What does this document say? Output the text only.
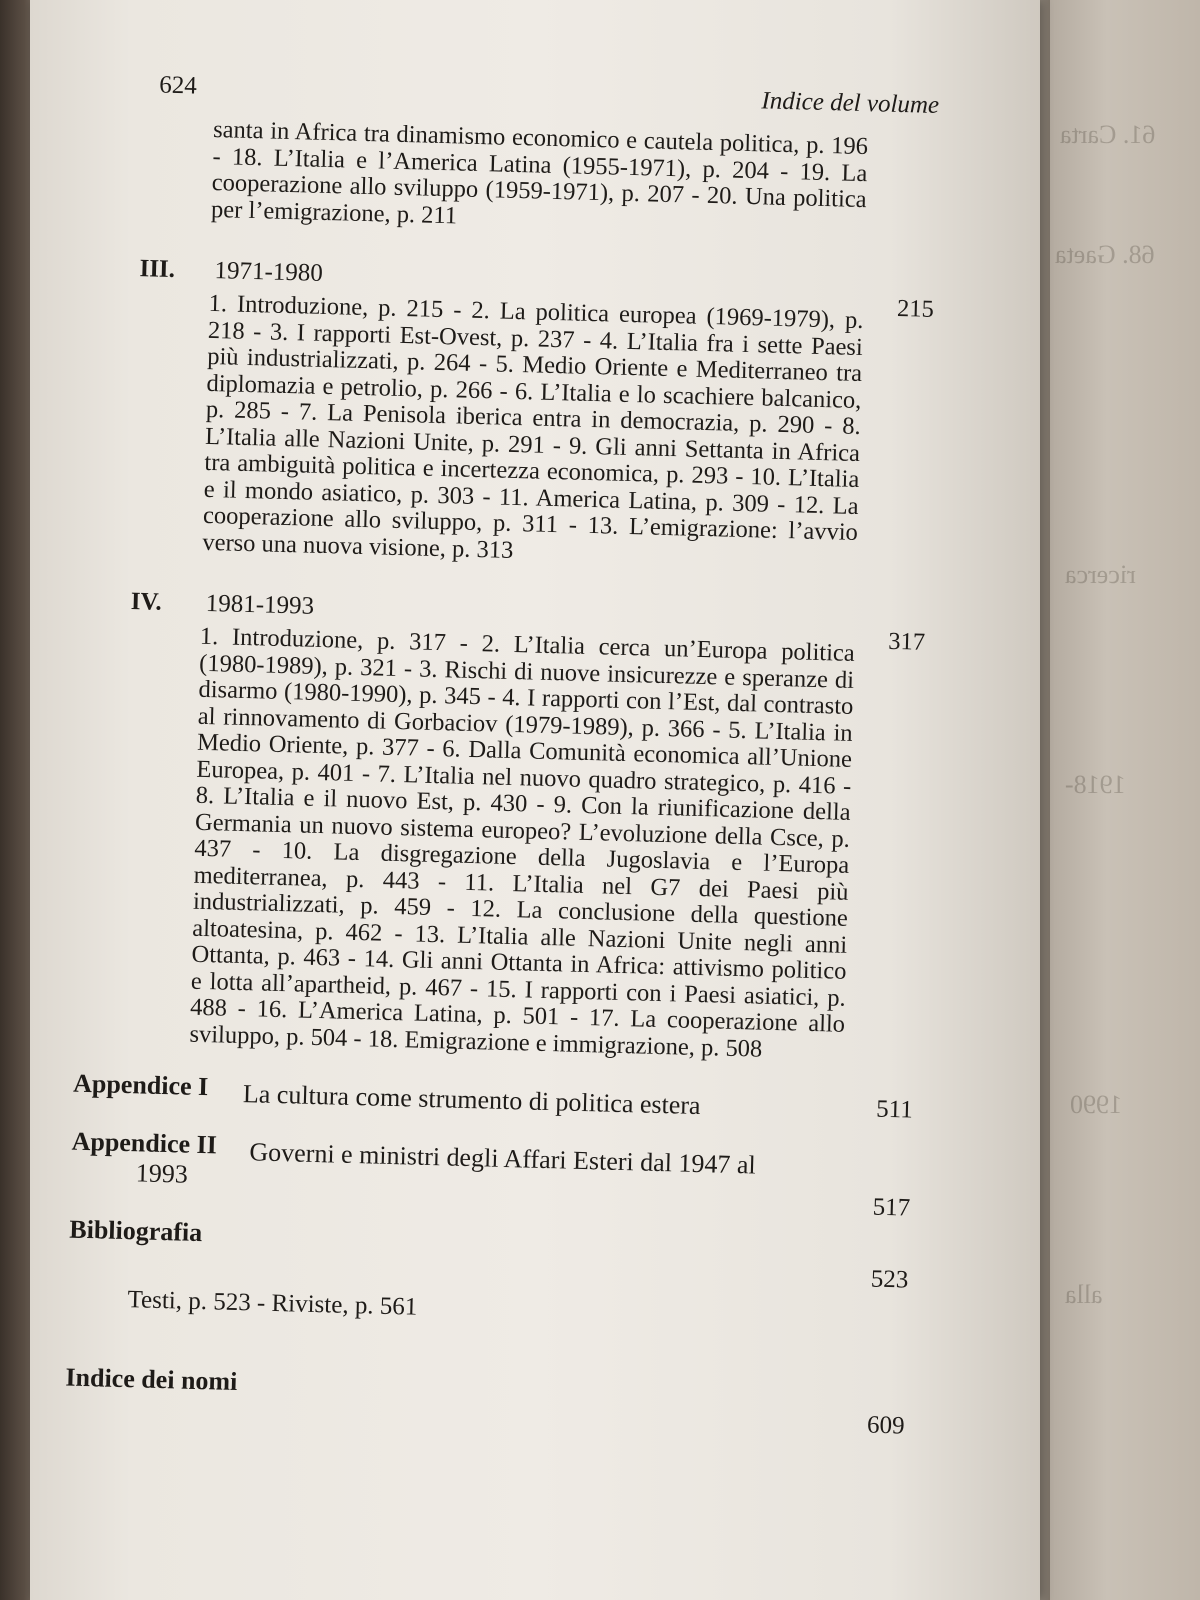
61. Carta
68. Gaeta
ricerca
1918-
1990
alla
624
Indice del volume

santa in Africa tra dinamismo economico e cautela politica, p. 196 - 18. L’Italia e l’America Latina (1955-1971), p. 204 - 19. La cooperazione allo sviluppo (1959-1971), p. 207 - 20. Una politica per l’emigrazione, p. 211

III. 1971-1980
215

1. Introduzione, p. 215 - 2. La politica europea (1969-1979), p. 218 - 3. I rapporti Est-Ovest, p. 237 - 4. L’Italia fra i sette Paesi più industrializzati, p. 264 - 5. Medio Oriente e Mediterraneo tra diplomazia e petrolio, p. 266 - 6. L’Italia e lo scachiere balcanico, p. 285 - 7. La Penisola iberica entra in democrazia, p. 290 - 8. L’Italia alle Nazioni Unite, p. 291 - 9. Gli anni Settanta in Africa tra ambiguità politica e incertezza economica, p. 293 - 10. L’Italia e il mondo asiatico, p. 303 - 11. America Latina, p. 309 - 12. La cooperazione allo sviluppo, p. 311 - 13. L’emigrazione: l’avvio verso una nuova visione, p. 313

IV. 1981-1993
317

1. Introduzione, p. 317 - 2. L’Italia cerca un’Europa politica (1980-1989), p. 321 - 3. Rischi di nuove insicurezze e speranze di disarmo (1980-1990), p. 345 - 4. I rapporti con l’Est, dal contrasto al rinnovamento di Gorbaciov (1979-1989), p. 366 - 5. L’Italia in Medio Oriente, p. 377 - 6. Dalla Comunità economica all’Unione Europea, p. 401 - 7. L’Italia nel nuovo quadro strategico, p. 416 - 8. L’Italia e il nuovo Est, p. 430 - 9. Con la riunificazione della Germania un nuovo sistema europeo? L’evoluzione della Csce, p. 437 - 10. La disgregazione della Jugoslavia e l’Europa mediterranea, p. 443 - 11. L’Italia nel G7 dei Paesi più industrializzati, p. 459 - 12. La conclusione della questione altoatesina, p. 462 - 13. L’Italia alle Nazioni Unite negli anni Ottanta, p. 463 - 14. Gli anni Ottanta in Africa: attivismo politico e lotta all’apartheid, p. 467 - 15. I rapporti con i Paesi asiatici, p. 488 - 16. L’America Latina, p. 501 - 17. La cooperazione allo sviluppo, p. 504 - 18. Emigrazione e immigrazione, p. 508

Appendice I La cultura come strumento di politica estera	511
Appendice II Governi e ministri degli Affari Esteri dal 1947 al
1993
517
Bibliografia
523
Testi, p. 523 - Riviste, p. 561
Indice dei nomi
609
